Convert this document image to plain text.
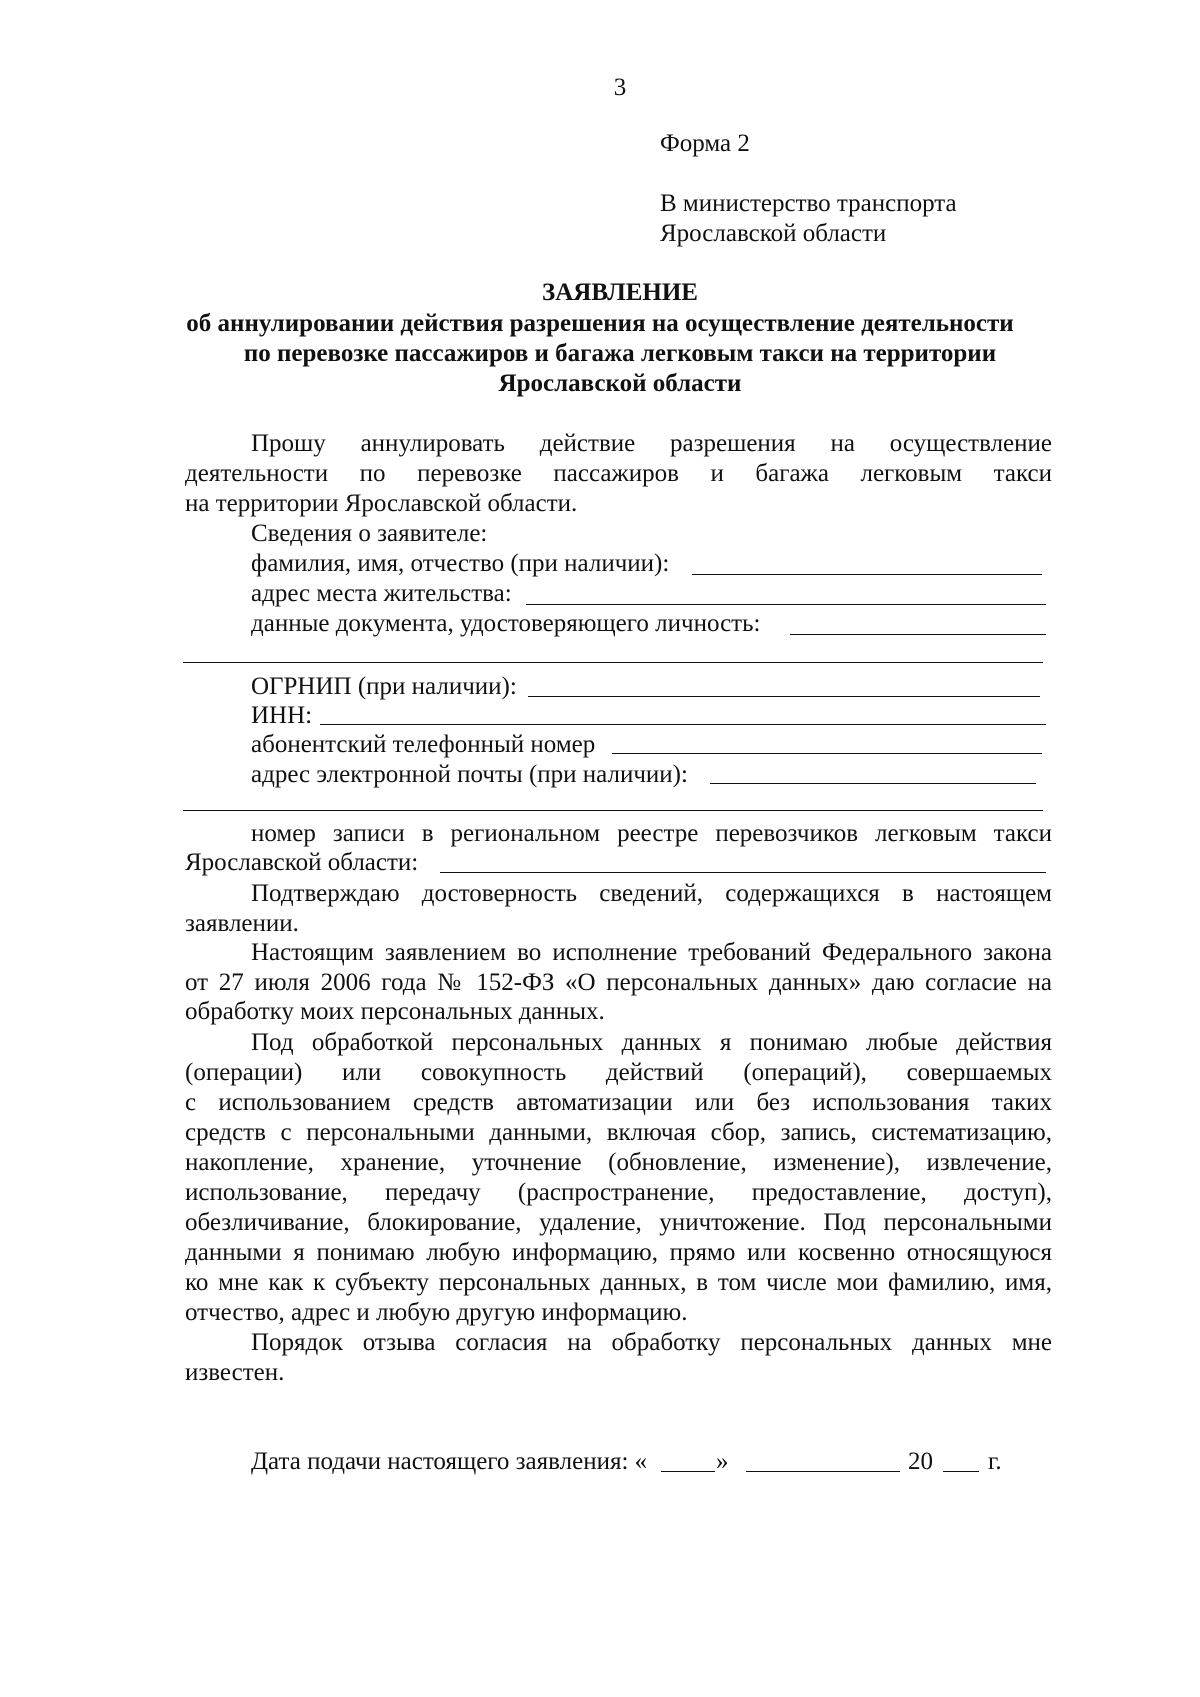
3
Форма 2
В министерство транспорта
Ярославской области
ЗАЯВЛЕНИЕ
об аннулировании действия разрешения на осуществление деятельности
по перевозке пассажиров и багажа легковым такси на территории
Ярославской области
Прошу аннулировать действие разрешения на осуществление
деятельности по перевозке пассажиров и багажа легковым такси
на территории Ярославской области.
Сведения о заявителе:
фамилия, имя, отчество (при наличии):
адрес места жительства:
данные документа, удостоверяющего личность:
ОГРНИП (при наличии):
ИНН:
абонентский телефонный номер
адрес электронной почты (при наличии):
номер записи в региональном реестре перевозчиков легковым такси
Ярославской области:
Подтверждаю достоверность сведений, содержащихся в настоящем
заявлении.
Настоящим заявлением во исполнение требований Федерального закона
от 27 июля 2006 года № 152-ФЗ «О персональных данных» даю согласие на
обработку моих персональных данных.
Под обработкой персональных данных я понимаю любые действия
(операции) или совокупность действий (операций), совершаемых
с использованием средств автоматизации или без использования таких
средств с персональными данными, включая сбор, запись, систематизацию,
накопление, хранение, уточнение (обновление, изменение), извлечение,
использование, передачу (распространение, предоставление, доступ),
обезличивание, блокирование, удаление, уничтожение. Под персональными
данными я понимаю любую информацию, прямо или косвенно относящуюся
ко мне как к субъекту персональных данных, в том числе мои фамилию, имя,
отчество, адрес и любую другую информацию.
Порядок отзыва согласия на обработку персональных данных мне
известен.
Дата подачи настоящего заявления: «	»	20 г.
